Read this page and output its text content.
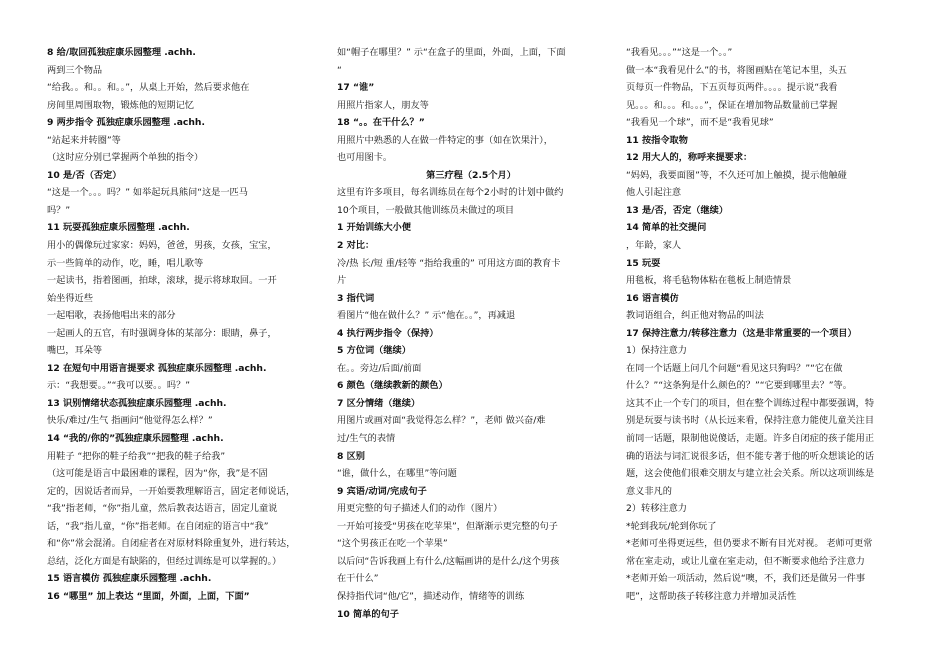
8 给/取回孤独症康乐园整理 .achh.
两到三个物品
“给我。。和。。和。。”，从桌上开始，然后要求他在
房间里周围取物，锻炼他的短期记忆
9 两步指令 孤独症康乐园整理 .achh.
“站起来并转圈”等
（这时应分别已掌握两个单独的指令）
10 是/否（否定）
“这是一个。。。吗？” 如举起玩具熊问“这是一匹马
吗？”
11 玩耍孤独症康乐园整理 .achh.
用小的偶像玩过家家：妈妈，爸爸，男孩，女孩，宝宝，
示一些简单的动作，吃，睡，唱儿歌等
一起读书，指着图画，拍球，滚球，提示将球取回。一开
始坐得近些
一起唱歌，表扬他唱出来的部分
一起画人的五官，有时强调身体的某部分：眼睛，鼻子，
嘴巴，耳朵等
12 在短句中用语言提要求 孤独症康乐园整理 .achh.
示：“我想要。。”“我可以要。。吗？”
13 识别情绪状态孤独症康乐园整理 .achh.
快乐/难过/生气 指画问“他觉得怎么样？”
14 “我的/你的”孤独症康乐园整理 .achh.
用鞋子 “把你的鞋子给我”“把我的鞋子给我”
（这可能是语言中最困难的课程，因为“你，我”是不固
定的，因说话者而异，一开始要教理解语言，固定老师说话，
“我”指老师，“你”指儿童，然后教表达语言，固定儿童说
话，“我”指儿童，“你”指老师。在自闭症的语言中“我”
和“你”常会混淆。自闭症者在对原材料除重复外，进行转达，
总结，泛化方面是有缺陷的，但经过训练是可以掌握的。）
15 语言模仿 孤独症康乐园整理 .achh.
16 “哪里” 加上表达 “里面，外面，上面，下面”
如“帽子在哪里？” 示“在盒子的里面，外面，上面，下面
“
17 “谁”
用照片指家人，朋友等
18 “。。在干什么？”
用照片中熟悉的人在做一件特定的事（如在饮果汁），
也可用图卡。
第三疗程（2.5个月）
这里有许多项目，每名训练员在每个2小时的计划中做约
10个项目，一般做其他训练员未做过的项目
1 开始训练大小便
2 对比：
冷/热 长/短 重/轻等 “指给我重的” 可用这方面的教育卡
片
3 指代词
看图片“他在做什么？” 示“他在。。”，再减退
4 执行两步指令（保持）
5 方位词（继续）
在。。旁边/后面/前面
6 颜色（继续教新的颜色）
7 区分情绪（继续）
用图片或画对面“我觉得怎么样？”，老师 做兴奋/难
过/生气的表情
8 区别
“谁，做什么，在哪里”等问题
9 宾语/动词/完成句子
用更完整的句子描述人们的动作（图片）
一开始可接受“男孩在吃苹果”，但渐渐示更完整的句子
“这个男孩正在吃一个苹果”
以后问“告诉我画上有什么/这幅画讲的是什么/这个男孩
在干什么”
保持指代词“他/它”，描述动作，情绪等的训练
10 简单的句子
“我看见。。。”“这是一个。。”
做一本“我看见什么”的书，将图画贴在笔记本里，头五
页每页一件物品，下五页每页两件。。。。提示说“我看
见。。。和。。。和。。。”，保证在增加物品数量前已掌握
“我看见一个球”，而不是“我看见球”
11 按指令取物
12 用大人的，称呼来提要求：
“妈妈，我要面图”等，不久还可加上触摸，提示他触碰
他人引起注意
13 是/否，否定（继续）
14 简单的社交提问
，年龄，家人
15 玩耍
用毯板，将毛毡物体粘在毯板上制造情景
16 语言模仿
教词语组合，纠正他对物品的叫法
17 保持注意力/转移注意力（这是非常重要的一个项目）
1）保持注意力
在同一个话题上问几个问题“看见这只狗吗？”“它在做
什么？”“这条狗是什么颜色的？”“它要到哪里去？”等。
这其不止一个专门的项目，但在整个训练过程中都要强调，特
别是玩耍与读书时（从长远来看，保持注意力能使儿童关注目
前同一话题，限制他说傻话，走题。许多自闭症的孩子能用正
确的语法与词汇说很多话，但不能专著于他的听众想谈论的话
题，这会使他们很难交朋友与建立社会关系。所以这项训练是
意义非凡的
2）转移注意力
*轮到我玩/轮到你玩了
*老师可坐得更远些，但仍要求不断有目光对视。 老师可更常
常在室走动，或让儿童在室走动，但不断要求他给予注意力
*老师开始一项活动，然后说“噢，不，我们还是做另一件事
吧”，这帮助孩子转移注意力并增加灵活性
